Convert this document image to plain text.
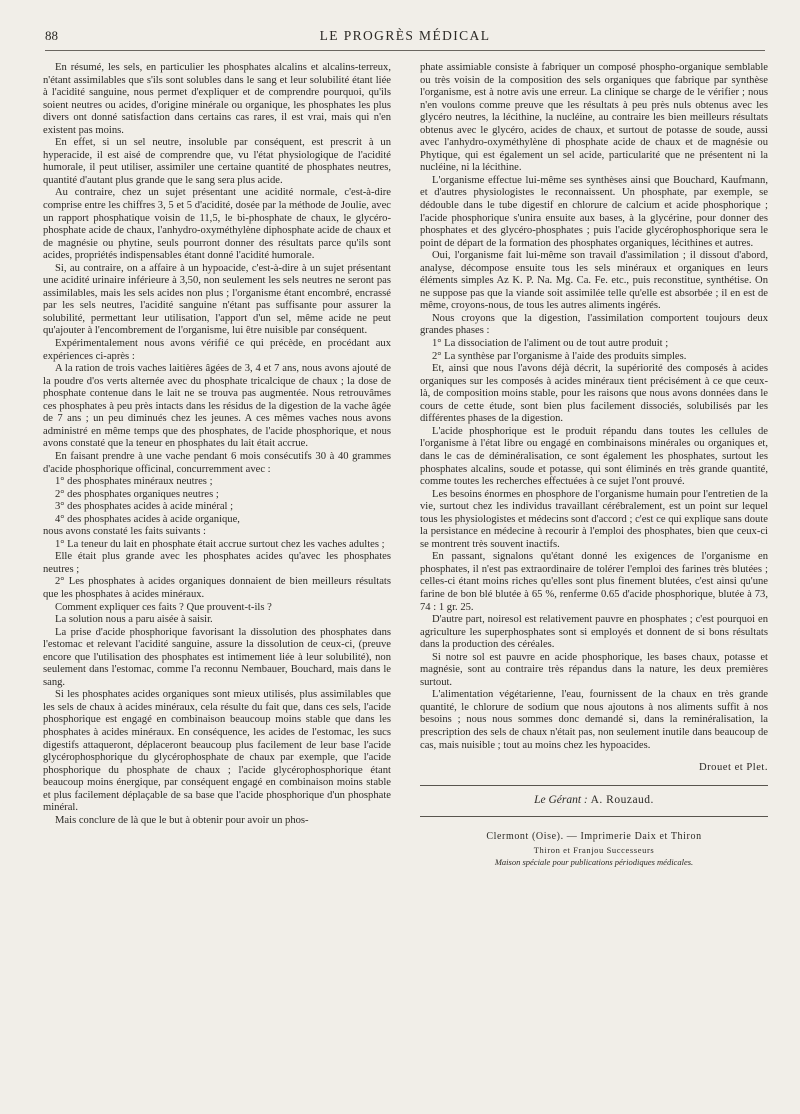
88	LE PROGRÈS MÉDICAL

En résumé, les sels, en particulier les phosphates alcalins et alcalins-terreux, n'étant assimilables que s'ils sont solubles dans le sang et leur solubilité étant liée à l'acidité sanguine, nous permet d'expliquer et de comprendre pourquoi, qu'ils soient neutres ou acides, d'origine minérale ou organique, les phosphates les plus divers ont donné satisfaction dans certains cas rares, il est vrai, mais qui n'en existent pas moins.

En effet, si un sel neutre, insoluble par conséquent, est prescrit à un hyperacide, il est aisé de comprendre que, vu l'état physiologique de l'acidité humorale, il peut utiliser, assimiler une certaine quantité de phosphates neutres, quantité d'autant plus grande que le sang sera plus acide.

Au contraire, chez un sujet présentant une acidité normale, c'est-à-dire comprise entre les chiffres 3, 5 et 5 d'acidité, dosée par la méthode de Joulie, avec un rapport phosphatique voisin de 11,5, le bi-phosphate de chaux, le glycéro-phosphate acide de chaux, l'anhydro-oxyméthylène diphosphate acide de chaux et de magnésie ou phytine, seuls pourront donner des résultats parce qu'ils sont acides, propriétés indispensables étant donné l'acidité humorale.

Si, au contraire, on a affaire à un hypoacide, c'est-à-dire à un sujet présentant une acidité urinaire inférieure à 3,50, non seulement les sels neutres ne seront pas assimilables, mais les sels acides non plus ; l'organisme étant encombré, encrassé par les sels neutres, l'acidité sanguine n'étant pas suffisante pour assurer la solubilité, permettant leur utilisation, l'apport d'un sel, même acide ne peut qu'ajouter à l'encombrement de l'organisme, lui être nuisible par conséquent.

Expérimentalement nous avons vérifié ce qui précède, en procédant aux expériences ci-après :

A la ration de trois vaches laitières âgées de 3, 4 et 7 ans, nous avons ajouté de la poudre d'os verts alternée avec du phosphate tricalcique de chaux ; la dose de phosphate contenue dans le lait ne se trouva pas augmentée. Nous retrouvâmes ces phosphates à peu près intacts dans les résidus de la digestion de la vache âgée de 7 ans ; un peu diminués chez les jeunes. A ces mêmes vaches nous avons administré en même temps que des phosphates, de l'acide phosphorique, et nous avons constaté que la teneur en phosphates du lait était accrue.

En faisant prendre à une vache pendant 6 mois consécutifs 30 à 40 grammes d'acide phosphorique officinal, concurremment avec :

1° des phosphates minéraux neutres ;

2° des phosphates organiques neutres ;

3° des phosphates acides à acide minéral ;

4° des phosphates acides à acide organique,

nous avons constaté les faits suivants :

1° La teneur du lait en phosphate était accrue surtout chez les vaches adultes ;

Elle était plus grande avec les phosphates acides qu'avec les phosphates neutres ;

2° Les phosphates à acides organiques donnaient de bien meilleurs résultats que les phosphates à acides minéraux.

Comment expliquer ces faits ? Que prouvent-t-ils ?

La solution nous a paru aisée à saisir.

La prise d'acide phosphorique favorisant la dissolution des phosphates dans l'estomac et relevant l'acidité sanguine, assure la dissolution de ceux-ci, (preuve encore que l'utilisation des phosphates est intimement liée à leur solubilité), non seulement dans l'estomac, comme l'a reconnu Nembauer, Bouchard, mais dans le sang.

Si les phosphates acides organiques sont mieux utilisés, plus assimilables que les sels de chaux à acides minéraux, cela résulte du fait que, dans ces sels, l'acide phosphorique est engagé en combinaison beaucoup moins stable que dans les phosphates à acides minéraux. En conséquence, les acides de l'estomac, les sucs digestifs attaqueront, déplaceront beaucoup plus facilement de leur base l'acide glycérophosphorique du glycérophosphate de chaux par exemple, que l'acide phosphorique du phosphate de chaux ; l'acide glycérophosphorique étant beaucoup moins énergique, par conséquent engagé en combinaison moins stable et plus facilement déplaçable de sa base que l'acide phosphorique d'un phosphate minéral.

Mais conclure de là que le but à obtenir pour avoir un phos-

phate assimiable consiste à fabriquer un composé phospho-organique semblable ou très voisin de la composition des sels organiques que fabrique par synthèse l'organisme, est à notre avis une erreur. La clinique se charge de le vérifier ; nous n'en voulons comme preuve que les résultats à peu près nuls obtenus avec les glycéro neutres, la lécithine, la nucléine, au contraire les bien meilleurs résultats obtenus avec le glycéro, acides de chaux, et surtout de potasse de soude, aussi avec l'anhydro-oxyméthylène di phosphate acide de chaux et de magnésie ou Phytique, qui est également un sel acide, particularité que ne présentent ni la nucléine, ni la lécithine.

L'organisme effectue lui-même ses synthèses ainsi que Bouchard, Kaufmann, et d'autres physiologistes le reconnaissent. Un phosphate, par exemple, se dédouble dans le tube digestif en chlorure de calcium et acide phosphorique ; l'acide phosphorique s'unira ensuite aux bases, à la glycérine, pour donner des phosphates et des glycéro-phosphates ; puis l'acide glycérophosphorique sera le point de départ de la formation des phosphates organiques, lécithines et autres.

Oui, l'organisme fait lui-même son travail d'assimilation ; il dissout d'abord, analyse, décompose ensuite tous les sels minéraux et organiques en leurs éléments simples Az K. P. Na. Mg. Ca. Fe. etc., puis reconstitue, synthétise. On ne suppose pas que la viande soit assimilée telle qu'elle est absorbée ; il en est de même, croyons-nous, de tous les autres aliments ingérés.

Nous croyons que la digestion, l'assimilation comportent toujours deux grandes phases :

1° La dissociation de l'aliment ou de tout autre produit ;

2° La synthèse par l'organisme à l'aide des produits simples.

Et, ainsi que nous l'avons déjà décrit, la supériorité des composés à acides organiques sur les composés à acides minéraux tient précisément à ce que ceux-là, de composition moins stable, pour les raisons que nous avons données dans le cours de cette étude, sont bien plus facilement dissociés, solubilisés par les différentes phases de la digestion.

L'acide phosphorique est le produit répandu dans toutes les cellules de l'organisme à l'état libre ou engagé en combinaisons minérales ou organiques et, dans le cas de déminéralisation, ce sont également les phosphates, surtout les phosphates alcalins, soude et potasse, qui sont éliminés en très grande quantité, comme toutes les recherches effectuées à ce sujet l'ont prouvé.

Les besoins énormes en phosphore de l'organisme humain pour l'entretien de la vie, surtout chez les individus travaillant cérébralement, est un point sur lequel tous les physiologistes et médecins sont d'accord ; c'est ce qui explique sans doute la persistance en médecine à recourir à l'emploi des phosphates, bien que ceux-ci se montrent très souvent inactifs.

En passant, signalons qu'étant donné les exigences de l'organisme en phosphates, il n'est pas extraordinaire de tolérer l'emploi des farines très blutées ; celles-ci étant moins riches qu'elles sont plus finement blutées, c'est ainsi qu'une farine de bon blé blutée à 65 %, renferme 0.65 d'acide phosphorique, blutée à 73, 74 : 1 gr. 25.

D'autre part, noiresol est relativement pauvre en phosphates ; c'est pourquoi en agriculture les superphosphates sont si employés et donnent de si bons résultats dans la production des céréales.

Si notre sol est pauvre en acide phosphorique, les bases chaux, potasse et magnésie, sont au contraire très répandus dans la nature, les deux premières surtout.

L'alimentation végétarienne, l'eau, fournissent de la chaux en très grande quantité, le chlorure de sodium que nous ajoutons à nos aliments suffit à nos besoins ; nous nous sommes donc demandé si, dans la reminéralisation, la prescription des sels de chaux n'était pas, non seulement inutile dans beaucoup de cas, mais nuisible ; tout au moins chez les hypoacides.

Drouet et Plet.

Le Gérant : A. Rouzaud.

Clermont (Oise). — Imprimerie Daix et Thiron
Thiron et Franjou Successeurs
Maison spéciale pour publications périodiques médicales.
